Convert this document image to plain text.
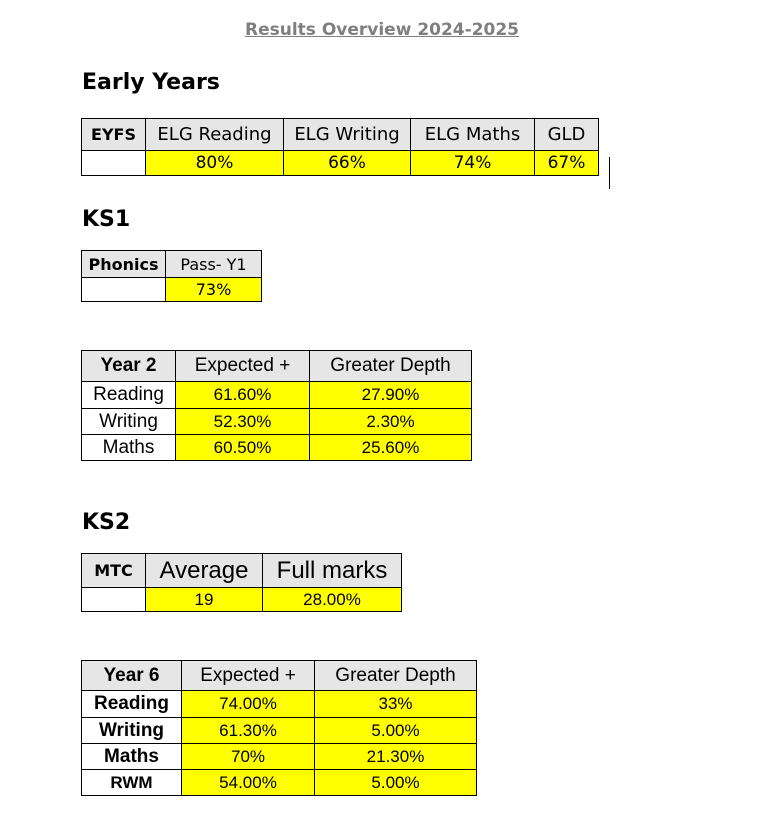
Results Overview 2024-2025
Early Years
EYFS	ELG Reading	ELG Writing	ELG Maths	GLD
	80%	66%	74%	67%
KS1
Phonics	Pass- Y1
	73%
Year 2	Expected +	Greater Depth
Reading	61.60%	27.90%
Writing	52.30%	2.30%
Maths	60.50%	25.60%
KS2
MTC	Average	Full marks
	19	28.00%
Year 6	Expected +	Greater Depth
Reading	74.00%	33%
Writing	61.30%	5.00%
Maths	70%	21.30%
RWM	54.00%	5.00%
